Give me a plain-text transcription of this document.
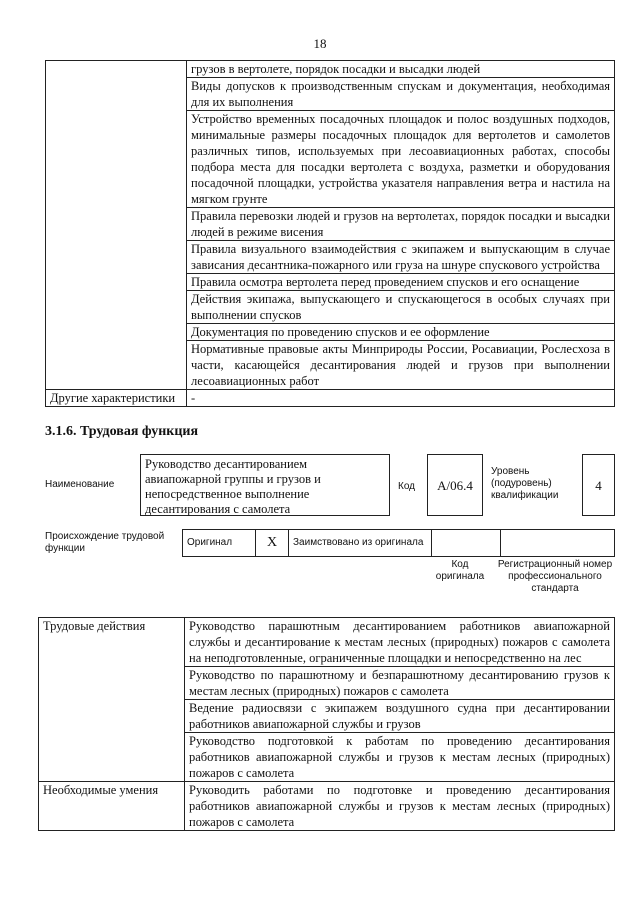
18
	грузов в вертолете, порядок посадки и высадки людей
	Виды допусков к производственным спускам и документация, необходимая для их выполнения
	Устройство временных посадочных площадок и полос воздушных подходов, минимальные размеры посадочных площадок для вертолетов и самолетов различных типов, используемых при лесоавиационных работах, способы подбора места для посадки вертолета с воздуха, разметки и оборудования посадочной площадки, устройства указателя направления ветра и настила на мягком грунте
	Правила перевозки людей и грузов на вертолетах, порядок посадки и высадки людей в режиме висения
	Правила визуального взаимодействия с экипажем и выпускающим в случае зависания десантника-пожарного или груза на шнуре спускового устройства
	Правила осмотра вертолета перед проведением спусков и его оснащение
	Действия экипажа, выпускающего и спускающегося в особых случаях при выполнении спусков
	Документация по проведению спусков и ее оформление
	Нормативные правовые акты Минприроды России, Росавиации, Рослесхоза в части, касающейся десантирования людей и грузов при выполнении лесоавиационных работ
Другие характеристики	-
3.1.6. Трудовая функция
Наименование
Руководство десантированием авиапожарной группы и грузов и непосредственное выполнение десантирования с самолета
Код	A/06.4
Уровень (подуровень) квалификации
4
Происхождение трудовой функции
Оригинал	X	Заимствовано из оригинала		
Код оригинала
Регистрационный номер профессионального стандарта
Трудовые действия	Руководство парашютным десантированием работников авиапожарной службы и десантирование к местам лесных (природных) пожаров с самолета на неподготовленные, ограниченные площадки и непосредственно на лес
	Руководство по парашютному и безпарашютному десантированию грузов к местам лесных (природных) пожаров с самолета
	Ведение радиосвязи с экипажем воздушного судна при десантировании работников авиапожарной службы и грузов
	Руководство подготовкой к работам по проведению десантирования работников авиапожарной службы и грузов к местам лесных (природных) пожаров с самолета
Необходимые умения	Руководить работами по подготовке и проведению десантирования работников авиапожарной службы и грузов к местам лесных (природных) пожаров с самолета
